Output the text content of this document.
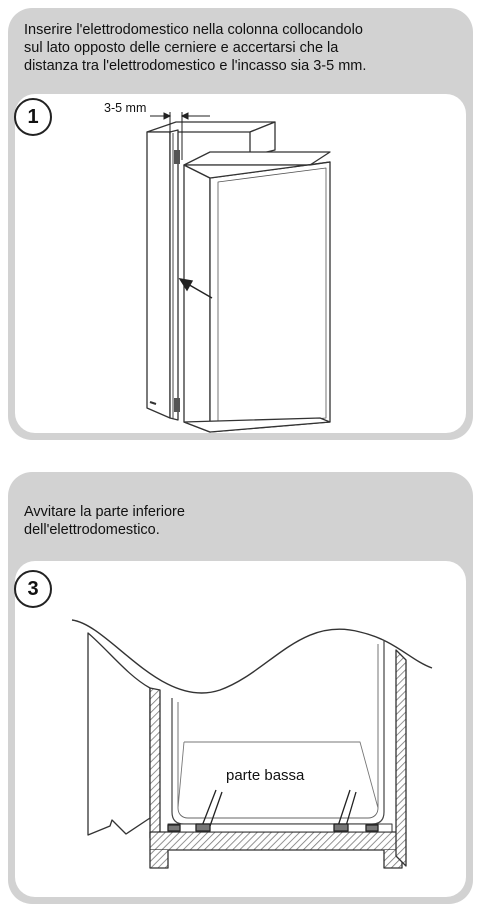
Inserire l'elettrodomestico nella colonna collocandolo
sul lato opposto delle cerniere e accertarsi che la
distanza tra l'elettrodomestico e l'incasso sia 3-5 mm.
1
Avvitare la parte inferiore
dell'elettrodomestico.
3
3-5 mm
parte bassa
